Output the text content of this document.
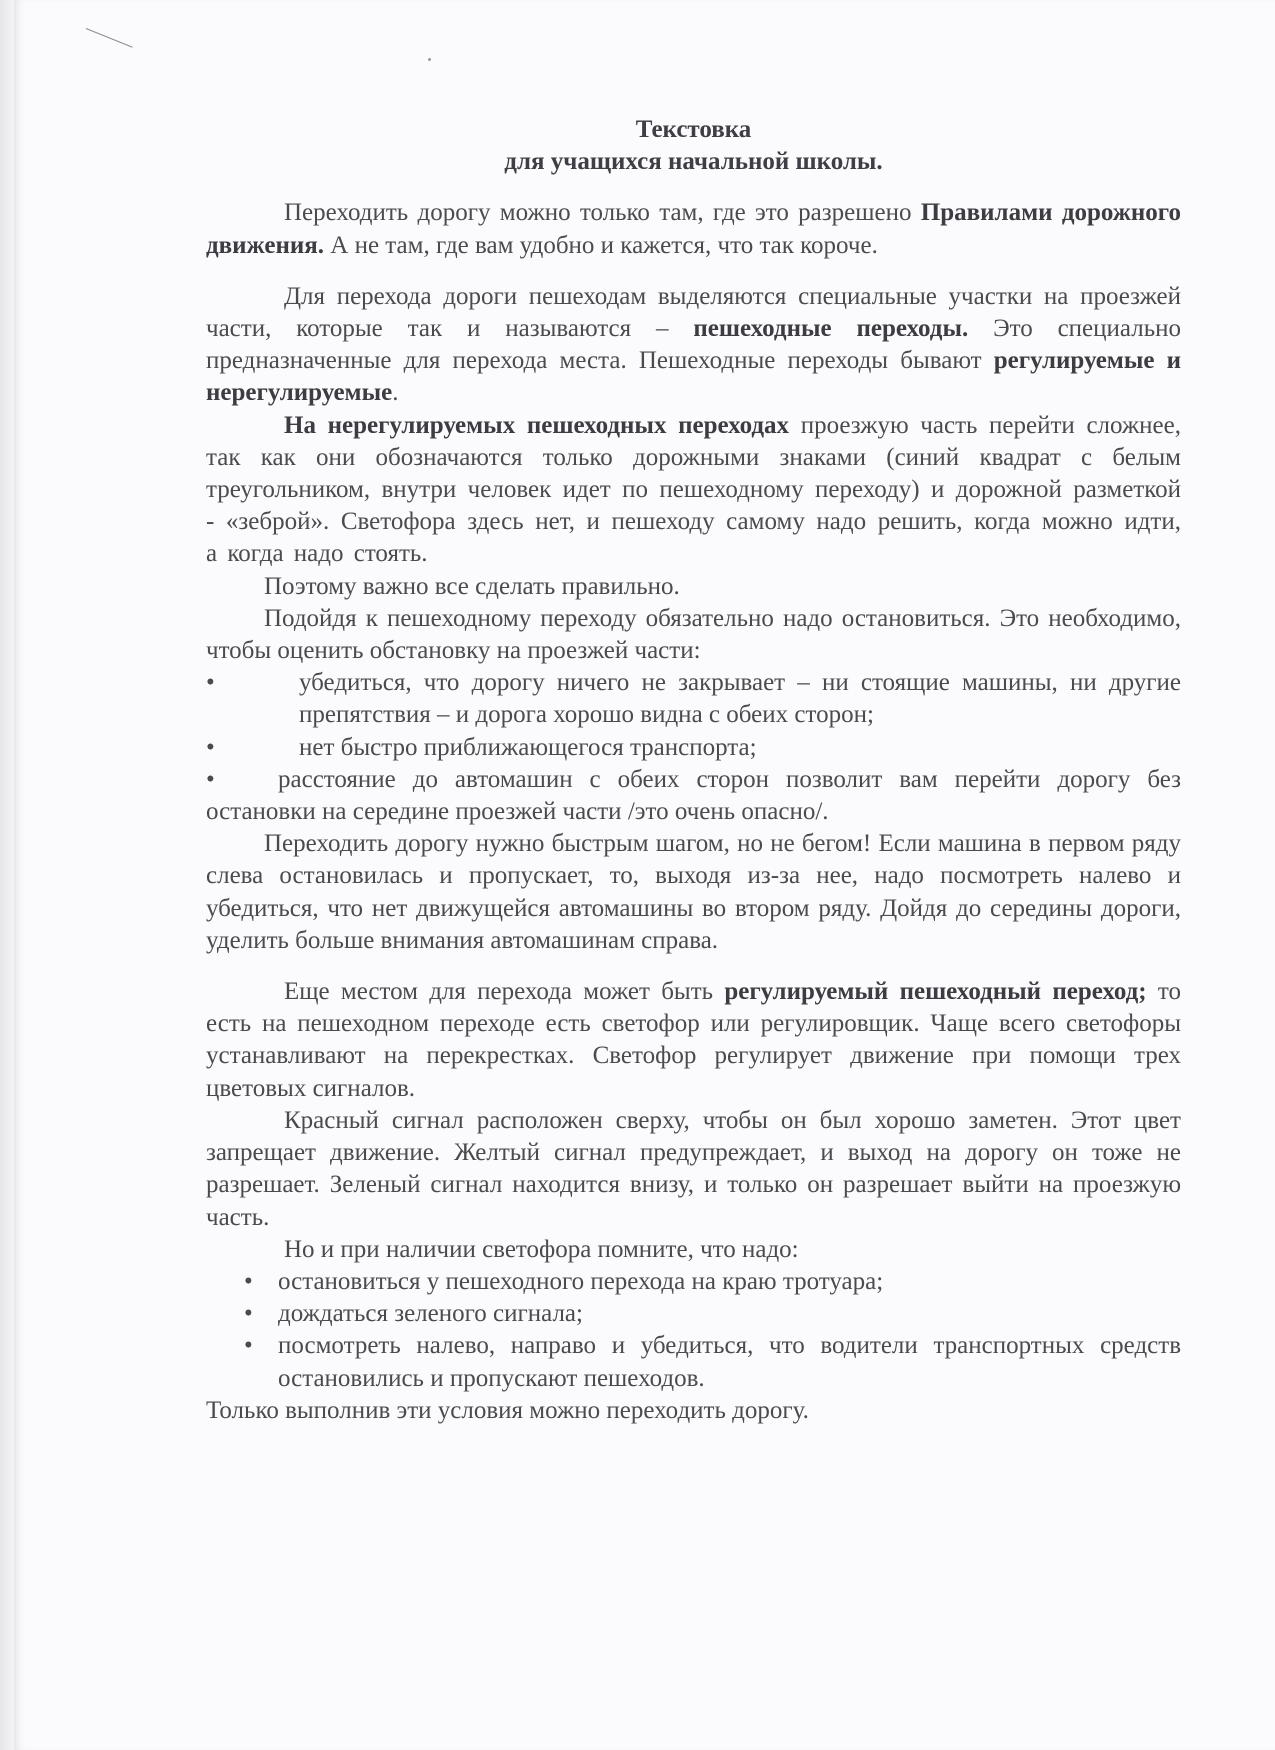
Текстовка

для учащихся начальной школы.

Переходить дорогу можно только там, где это разрешено Правилами дорожного движения. А не там, где вам удобно и кажется, что так короче.

Для перехода дороги пешеходам выделяются специальные участки на проезжей части, которые так и называются – пешеходные переходы. Это специально предназначенные для перехода места. Пешеходные переходы бывают регулируемые и нерегулируемые.

На нерегулируемых пешеходных переходах проезжую часть перейти сложнее, так как они обозначаются только дорожными знаками (синий квадрат с белым треугольником, внутри человек идет по пешеходному переходу) и дорожной разметкой - «зеброй». Светофора здесь нет, и пешеходу самому надо решить, когда можно идти, а когда надо стоять.

Поэтому важно все сделать правильно.

Подойдя к пешеходному переходу обязательно надо остановиться. Это необходимо, чтобы оценить обстановку на проезжей части:

•	убедиться, что дорогу ничего не закрывает – ни стоящие машины, ни другие препятствия – и дорога хорошо видна с обеих сторон;
•	нет быстро приближающегося транспорта;

•	расстояние до автомашин с обеих сторон позволит вам перейти дорогу без остановки на середине проезжей части /это очень опасно/.

Переходить дорогу нужно быстрым шагом, но не бегом! Если машина в первом ряду слева остановилась и пропускает, то, выходя из-за нее, надо посмотреть налево и убедиться, что нет движущейся автомашины во втором ряду. Дойдя до середины дороги, уделить больше внимания автомашинам справа.

Еще местом для перехода может быть регулируемый пешеходный переход; то есть на пешеходном переходе есть светофор или регулировщик. Чаще всего светофоры устанавливают на перекрестках. Светофор регулирует движение при помощи трех цветовых сигналов.

Красный сигнал расположен сверху, чтобы он был хорошо заметен. Этот цвет запрещает движение. Желтый сигнал предупреждает, и выход на дорогу он тоже не разрешает. Зеленый сигнал находится внизу, и только он разрешает выйти на проезжую часть.

Но и при наличии светофора помните, что надо:

• остановиться у пешеходного перехода на краю тротуара;
• дождаться зеленого сигнала;
• посмотреть налево, направо и убедиться, что водители транспортных средств остановились и пропускают пешеходов.

Только выполнив эти условия можно переходить дорогу.
